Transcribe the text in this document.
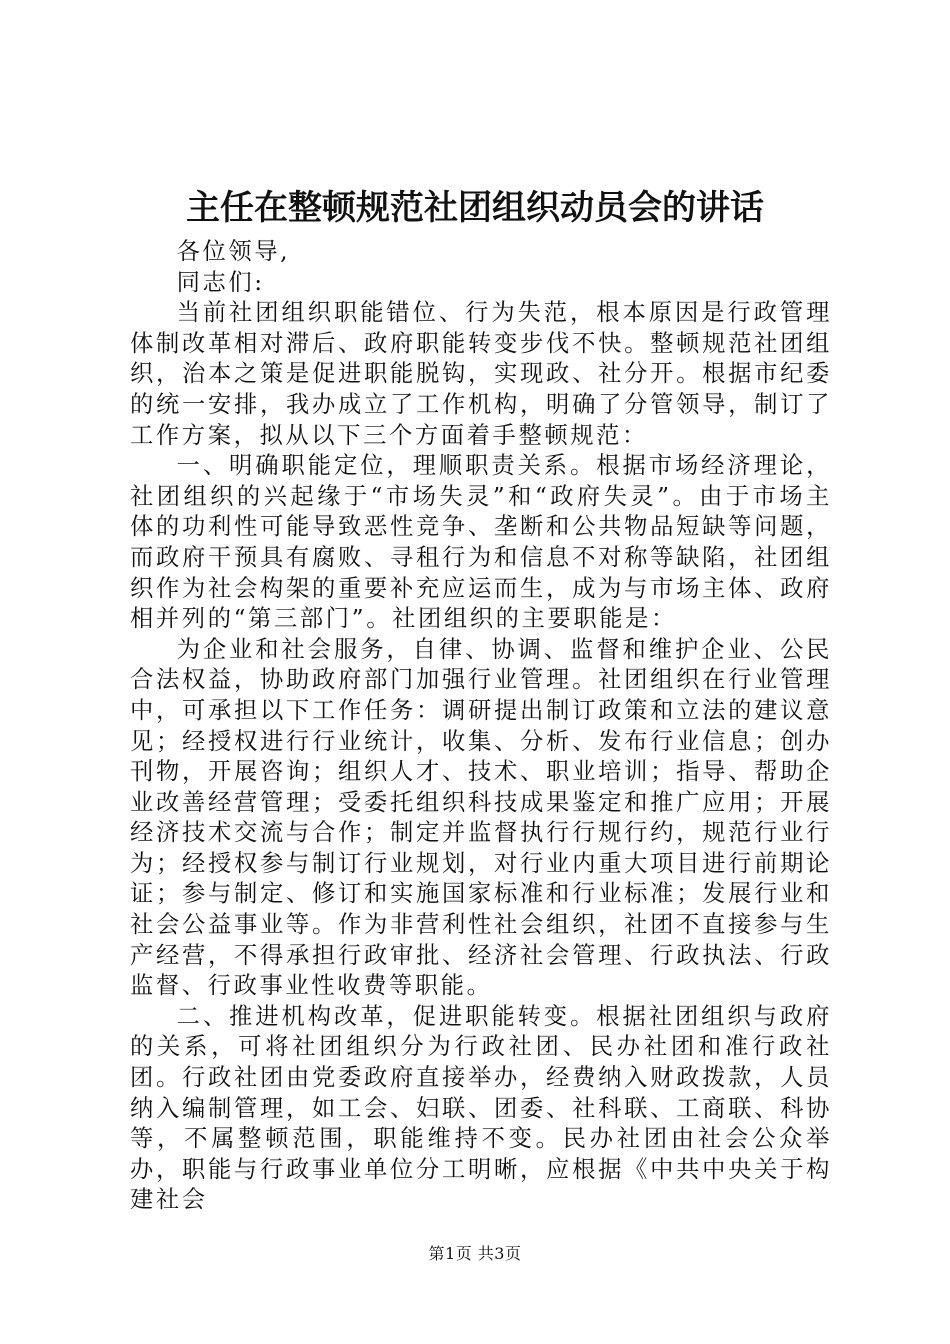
主任在整顿规范社团组织动员会的讲话

各位领导,

同志们:

当前社团组织职能错位、行为失范，根本原因是行政管理体制改革相对滞后、政府职能转变步伐不快。整顿规范社团组织，治本之策是促进职能脱钩，实现政、社分开。根据市纪委的统一安排，我办成立了工作机构，明确了分管领导，制订了工作方案，拟从以下三个方面着手整顿规范：

一、明确职能定位，理顺职责关系。根据市场经济理论，社团组织的兴起缘于“市场失灵”和“政府失灵”。由于市场主体的功利性可能导致恶性竞争、垄断和公共物品短缺等问题，而政府干预具有腐败、寻租行为和信息不对称等缺陷，社团组织作为社会构架的重要补充应运而生，成为与市场主体、政府相并列的“第三部门”。社团组织的主要职能是：

为企业和社会服务，自律、协调、监督和维护企业、公民合法权益，协助政府部门加强行业管理。社团组织在行业管理中，可承担以下工作任务：调研提出制订政策和立法的建议意见；经授权进行行业统计，收集、分析、发布行业信息；创办刊物，开展咨询；组织人才、技术、职业培训；指导、帮助企业改善经营管理；受委托组织科技成果鉴定和推广应用；开展经济技术交流与合作；制定并监督执行行规行约，规范行业行为；经授权参与制订行业规划，对行业内重大项目进行前期论证；参与制定、修订和实施国家标准和行业标准；发展行业和社会公益事业等。作为非营利性社会组织，社团不直接参与生产经营，不得承担行政审批、经济社会管理、行政执法、行政监督、行政事业性收费等职能。

二、推进机构改革，促进职能转变。根据社团组织与政府的关系，可将社团组织分为行政社团、民办社团和准行政社团。行政社团由党委政府直接举办，经费纳入财政拨款，人员纳入编制管理，如工会、妇联、团委、社科联、工商联、科协等，不属整顿范围，职能维持不变。民办社团由社会公众举办，职能与行政事业单位分工明晰，应根据《中共中央关于构建社会

第1页 共3页
